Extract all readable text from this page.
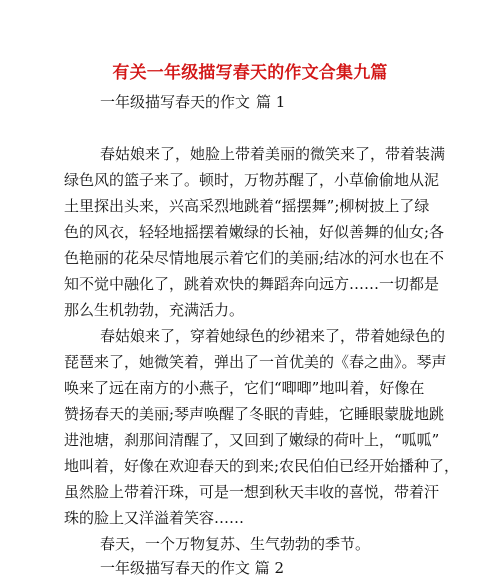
有关一年级描写春天的作文合集九篇
一年级描写春天的作文 篇 1
春姑娘来了，她脸上带着美丽的微笑来了，带着装满
绿色风的篮子来了。顿时，万物苏醒了，小草偷偷地从泥
土里探出头来，兴高采烈地跳着“摇摆舞”;柳树披上了绿
色的风衣，轻轻地摇摆着嫩绿的长袖，好似善舞的仙女;各
色艳丽的花朵尽情地展示着它们的美丽;结冰的河水也在不
知不觉中融化了，跳着欢快的舞蹈奔向远方……一切都是
那么生机勃勃，充满活力。
春姑娘来了，穿着她绿色的纱裙来了，带着她绿色的
琵琶来了，她微笑着，弹出了一首优美的《春之曲》。琴声
唤来了远在南方的小燕子，它们“唧唧”地叫着，好像在
赞扬春天的美丽;琴声唤醒了冬眠的青蛙，它睡眼蒙胧地跳
进池塘，刹那间清醒了，又回到了嫩绿的荷叶上，“呱呱”
地叫着，好像在欢迎春天的到来;农民伯伯已经开始播种了，
虽然脸上带着汗珠，可是一想到秋天丰收的喜悦，带着汗
珠的脸上又洋溢着笑容……
春天，一个万物复苏、生气勃勃的季节。
一年级描写春天的作文 篇 2
